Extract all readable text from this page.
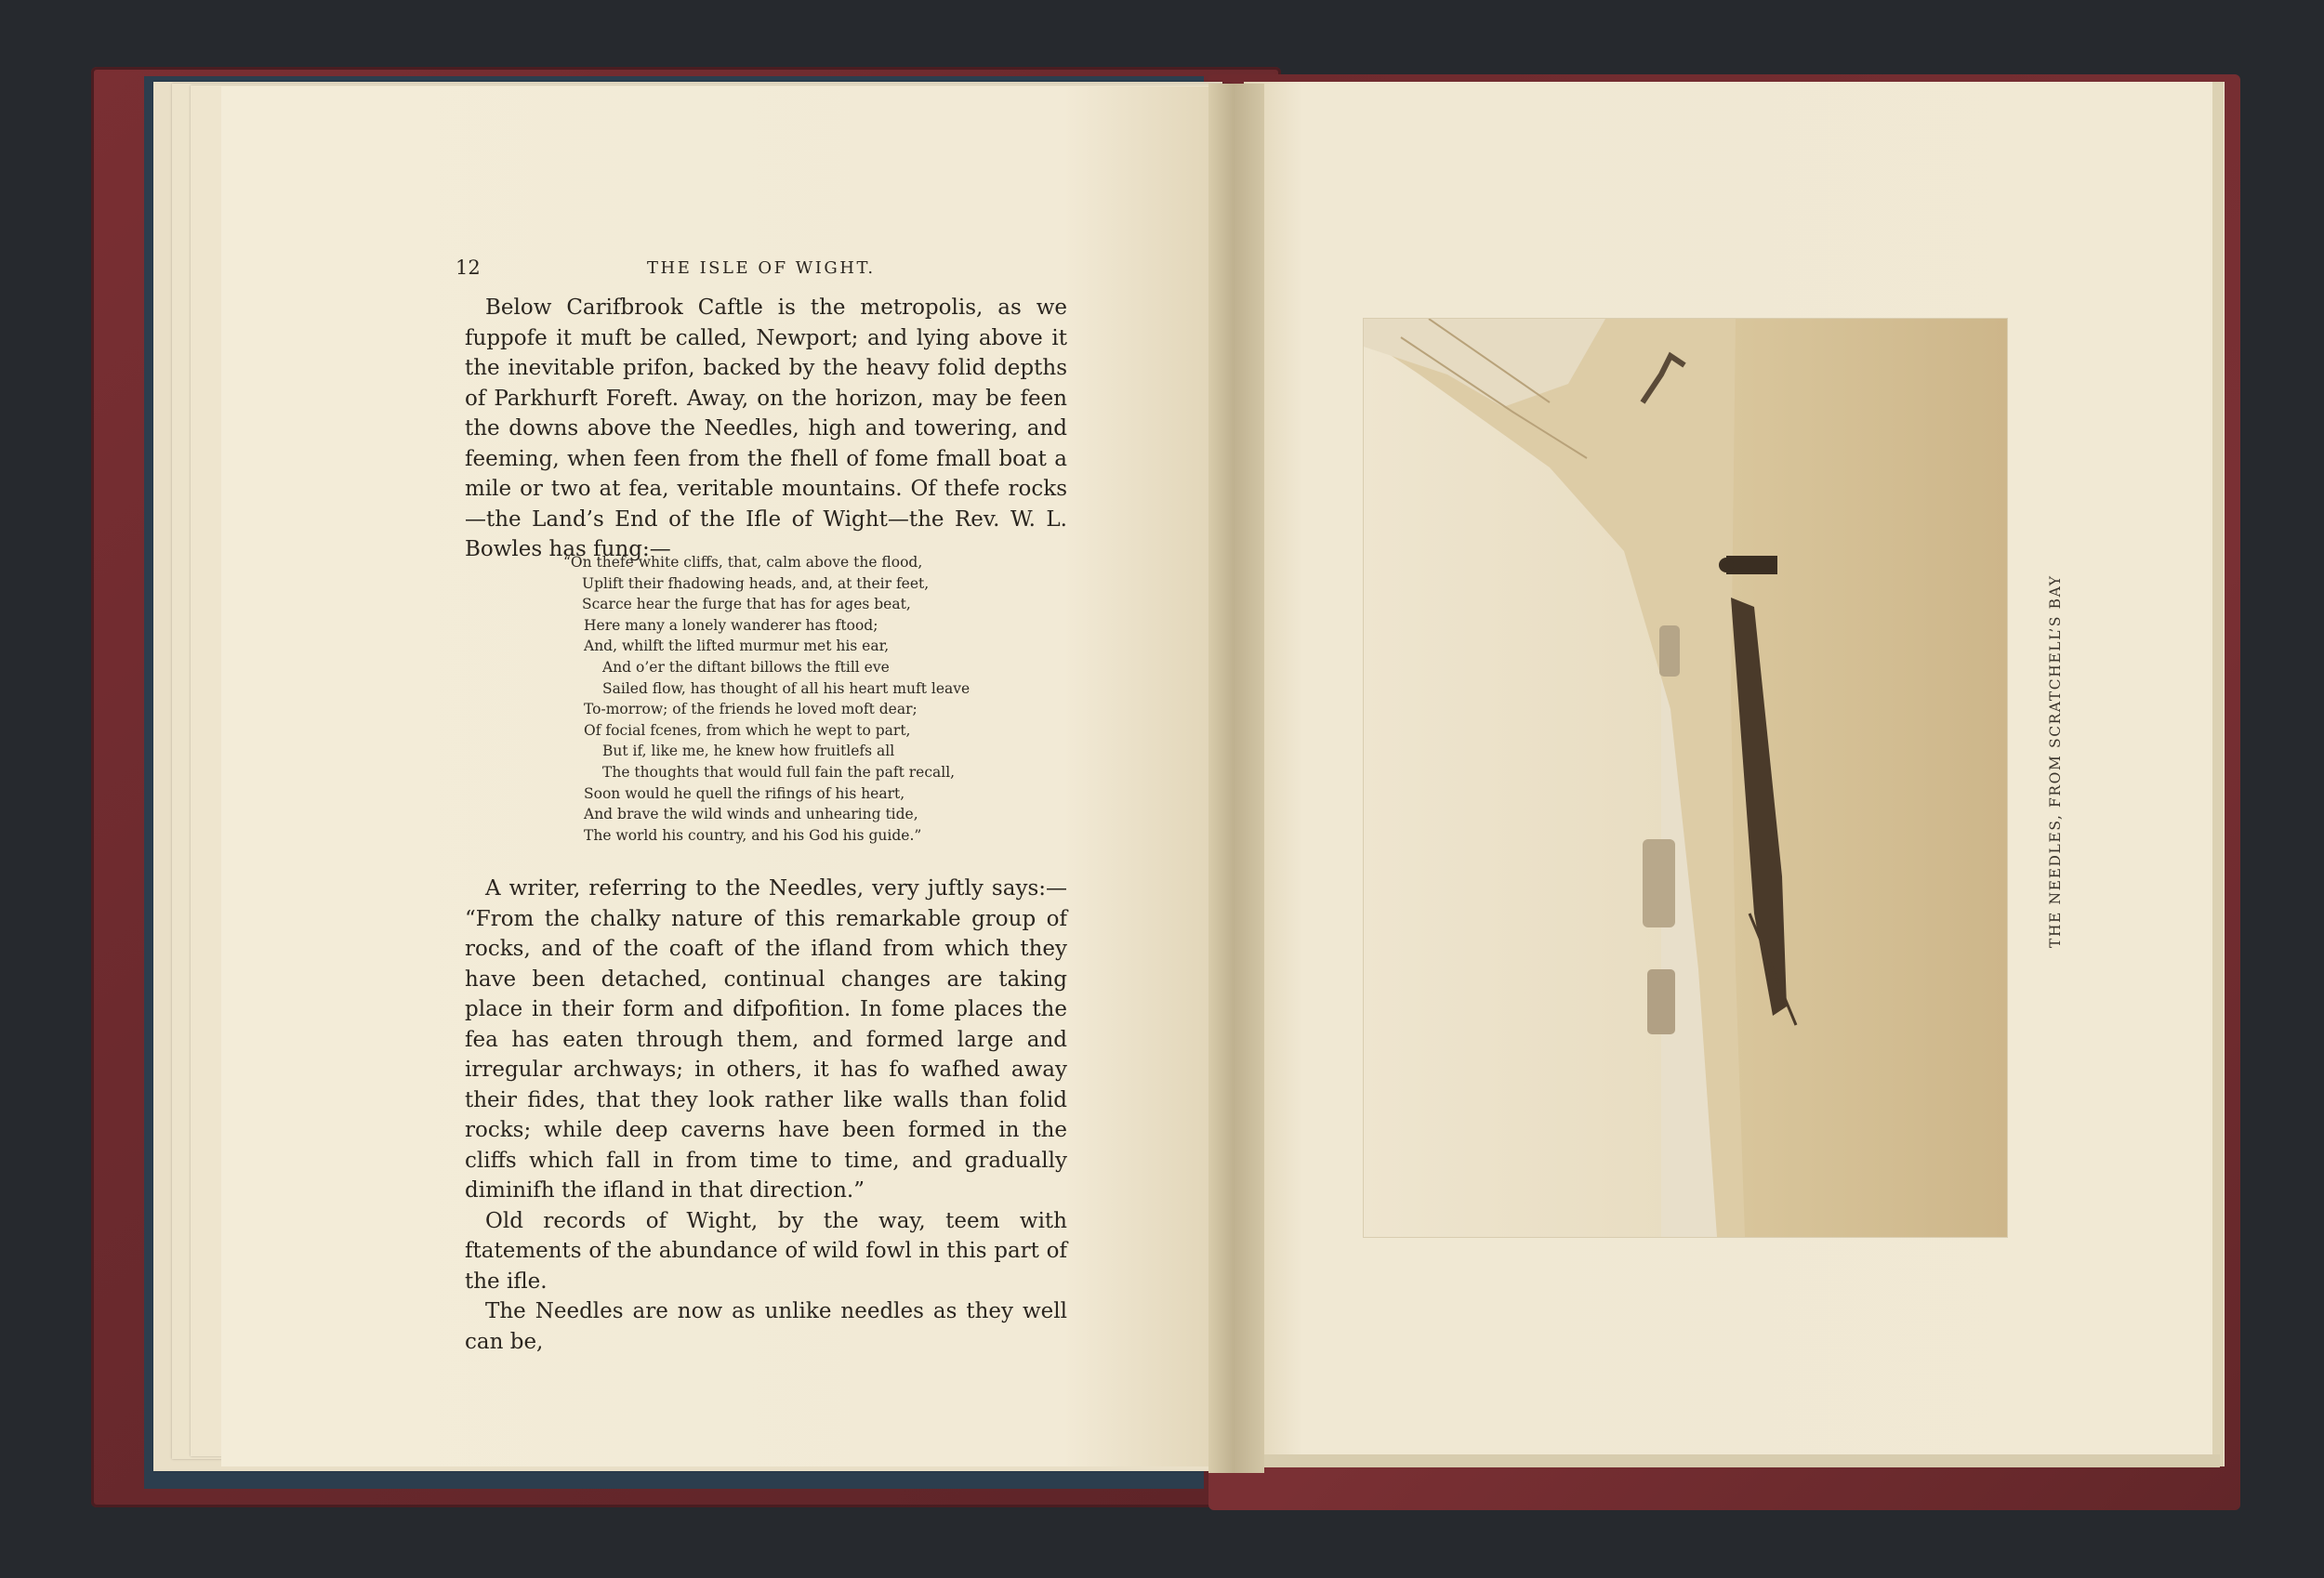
12	THE ISLE OF WIGHT.

Below Carifbrook Caftle is the metropolis, as we fuppofe it muft be called, Newport; and lying above it the inevitable prifon, backed by the heavy folid depths of Parkhurft Foreft. Away, on the horizon, may be feen the downs above the Needles, high and towering, and feeming, when feen from the fhell of fome fmall boat a mile or two at fea, veritable mountains. Of thefe rocks—the Land’s End of the Ifle of Wight—the Rev. W. L. Bowles has fung:—

“On thefe white cliffs, that, calm above the flood,
Uplift their fhadowing heads, and, at their feet,
Scarce hear the furge that has for ages beat,
Here many a lonely wanderer has ftood;
And, whilft the lifted murmur met his ear,
And o’er the diftant billows the ftill eve
Sailed flow, has thought of all his heart muft leave
To-morrow; of the friends he loved moft dear;
Of focial fcenes, from which he wept to part,
But if, like me, he knew how fruitlefs all
The thoughts that would full fain the paft recall,
Soon would he quell the rifings of his heart,
And brave the wild winds and unhearing tide,
The world his country, and his God his guide.”

A writer, referring to the Needles, very juftly says:— “From the chalky nature of this remarkable group of rocks, and of the coaft of the ifland from which they have been detached, continual changes are taking place in their form and difpofition. In fome places the fea has eaten through them, and formed large and irregular archways; in others, it has fo wafhed away their fides, that they look rather like walls than folid rocks; while deep caverns have been formed in the cliffs which fall in from time to time, and gradually diminifh the ifland in that direction.”

Old records of Wight, by the way, teem with ftatements of the abundance of wild fowl in this part of the ifle.

The Needles are now as unlike needles as they well can be,

THE NEEDLES, FROM SCRATCHELL’S BAY
